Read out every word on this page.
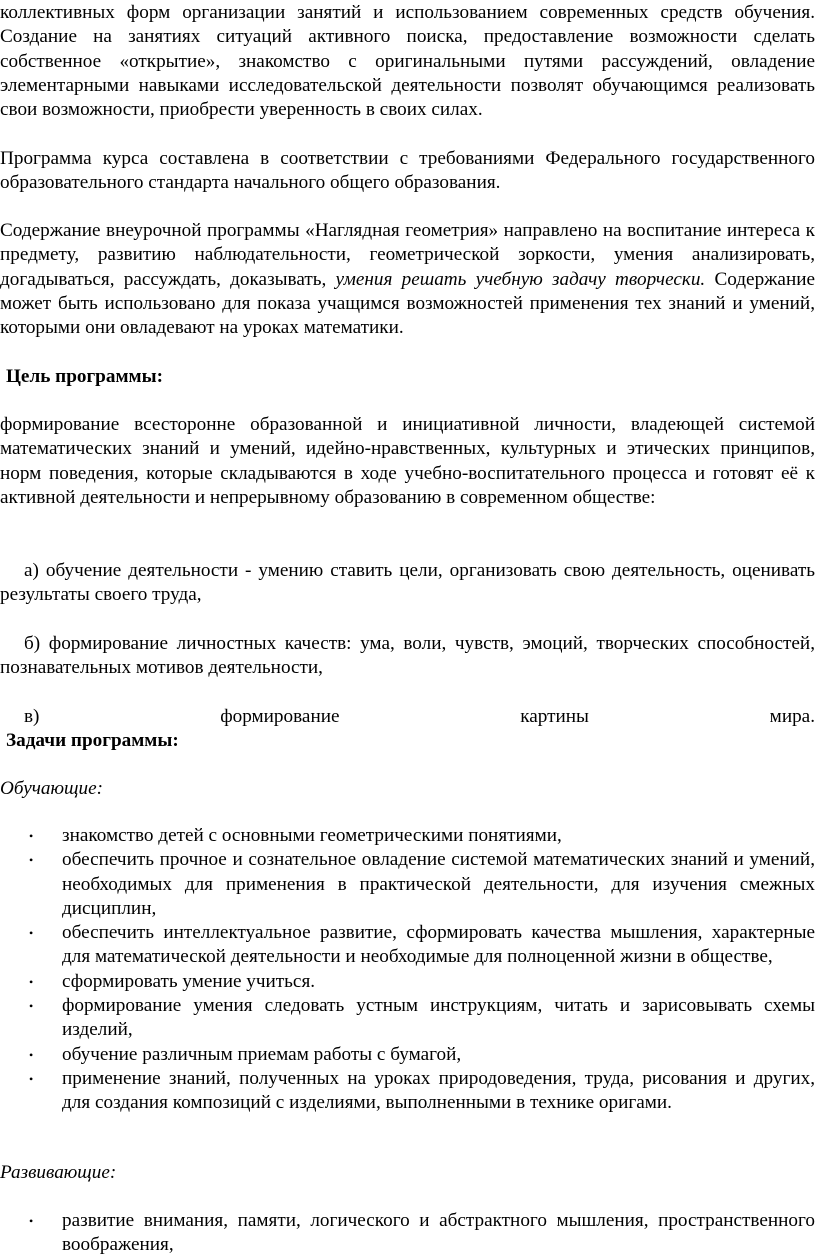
коллективных форм организации занятий и использованием современных средств обучения. Создание на занятиях ситуаций активного поиска, предоставление возможности сделать собственное «открытие», знакомство с оригинальными путями рассуждений, овладение элементарными навыками исследовательской деятельности позволят обучающимся реализовать свои возможности, приобрести уверенность в своих силах.

Программа курса составлена в соответствии с требованиями Федерального государственного образовательного стандарта начального общего образования.

Содержание внеурочной программы «Наглядная геометрия» направлено на воспитание интереса к предмету, развитию наблюдательности, геометрической зоркости, умения анализировать, догадываться, рассуждать, доказывать, умения решать учебную задачу творчески. Содержание может быть использовано для показа учащимся возможностей применения тех знаний и умений, которыми они овладевают на уроках математики.

Цель программы:

формирование всесторонне образованной и инициативной личности, владеющей системой математических знаний и умений, идейно-нравственных, культурных и этических принципов, норм поведения, которые складываются в ходе учебно-воспитательного процесса и готовят её к активной деятельности и непрерывному образованию в современном обществе:

а) обучение деятельности - умению ставить цели, организовать свою деятельность, оценивать результаты своего труда,

б) формирование личностных качеств: ума, воли, чувств, эмоций, творческих способностей, познавательных мотивов деятельности,

в) формирование картины мира.

Задачи программы:

Обучающие:

•	знакомство детей с основными геометрическими понятиями,
•	обеспечить прочное и сознательное овладение системой математических знаний и умений, необходимых для применения в практической деятельности, для изучения смежных дисциплин,
•	обеспечить интеллектуальное развитие, сформировать качества мышления, характерные для математической деятельности и необходимые для полноценной жизни в обществе,
•	сформировать умение учиться.
•	формирование умения следовать устным инструкциям, читать и зарисовывать схемы изделий,
•	обучение различным приемам работы с бумагой,
•	применение знаний, полученных на уроках природоведения, труда, рисования и других, для создания композиций с изделиями, выполненными в технике оригами.

Развивающие:

•	развитие внимания, памяти, логического и абстрактного мышления, пространственного воображения,
